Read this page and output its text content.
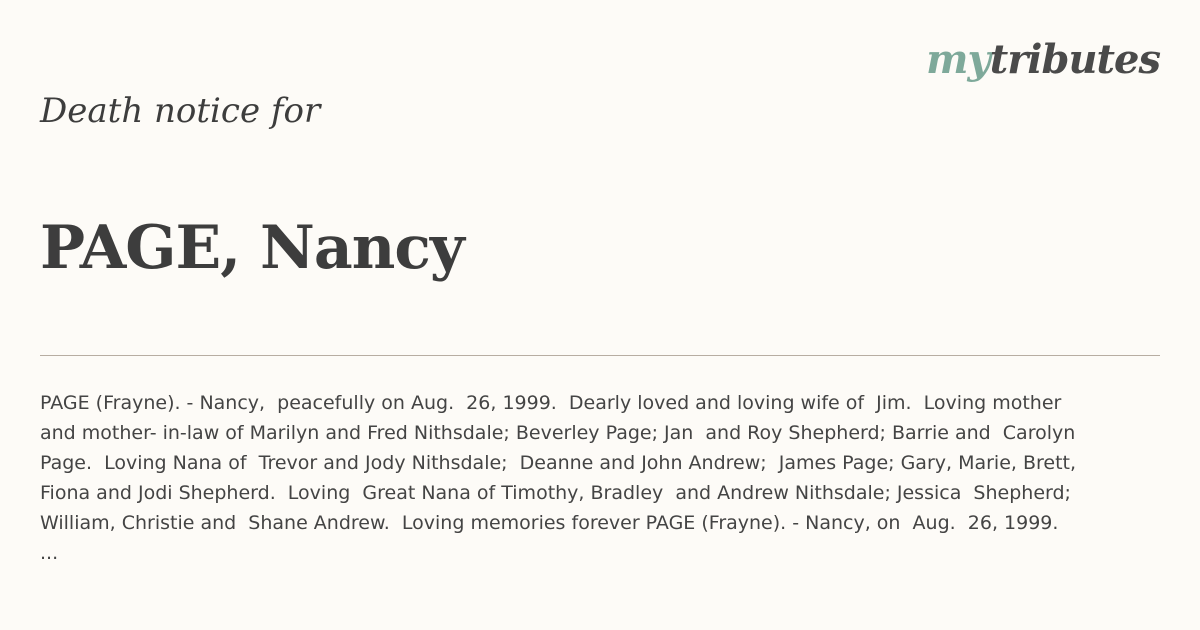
mytributes
Death notice for
PAGE, Nancy
PAGE (Frayne). - Nancy,  peacefully on Aug.  26, 1999.  Dearly loved and loving wife of  Jim.  Loving mother
and mother- in-law of Marilyn and Fred Nithsdale; Beverley Page; Jan  and Roy Shepherd; Barrie and  Carolyn
Page.  Loving Nana of  Trevor and Jody Nithsdale;  Deanne and John Andrew;  James Page; Gary, Marie, Brett,
Fiona and Jodi Shepherd.  Loving  Great Nana of Timothy, Bradley  and Andrew Nithsdale; Jessica  Shepherd;
William, Christie and  Shane Andrew.  Loving memories forever PAGE (Frayne). - Nancy, on  Aug.  26, 1999.
...
